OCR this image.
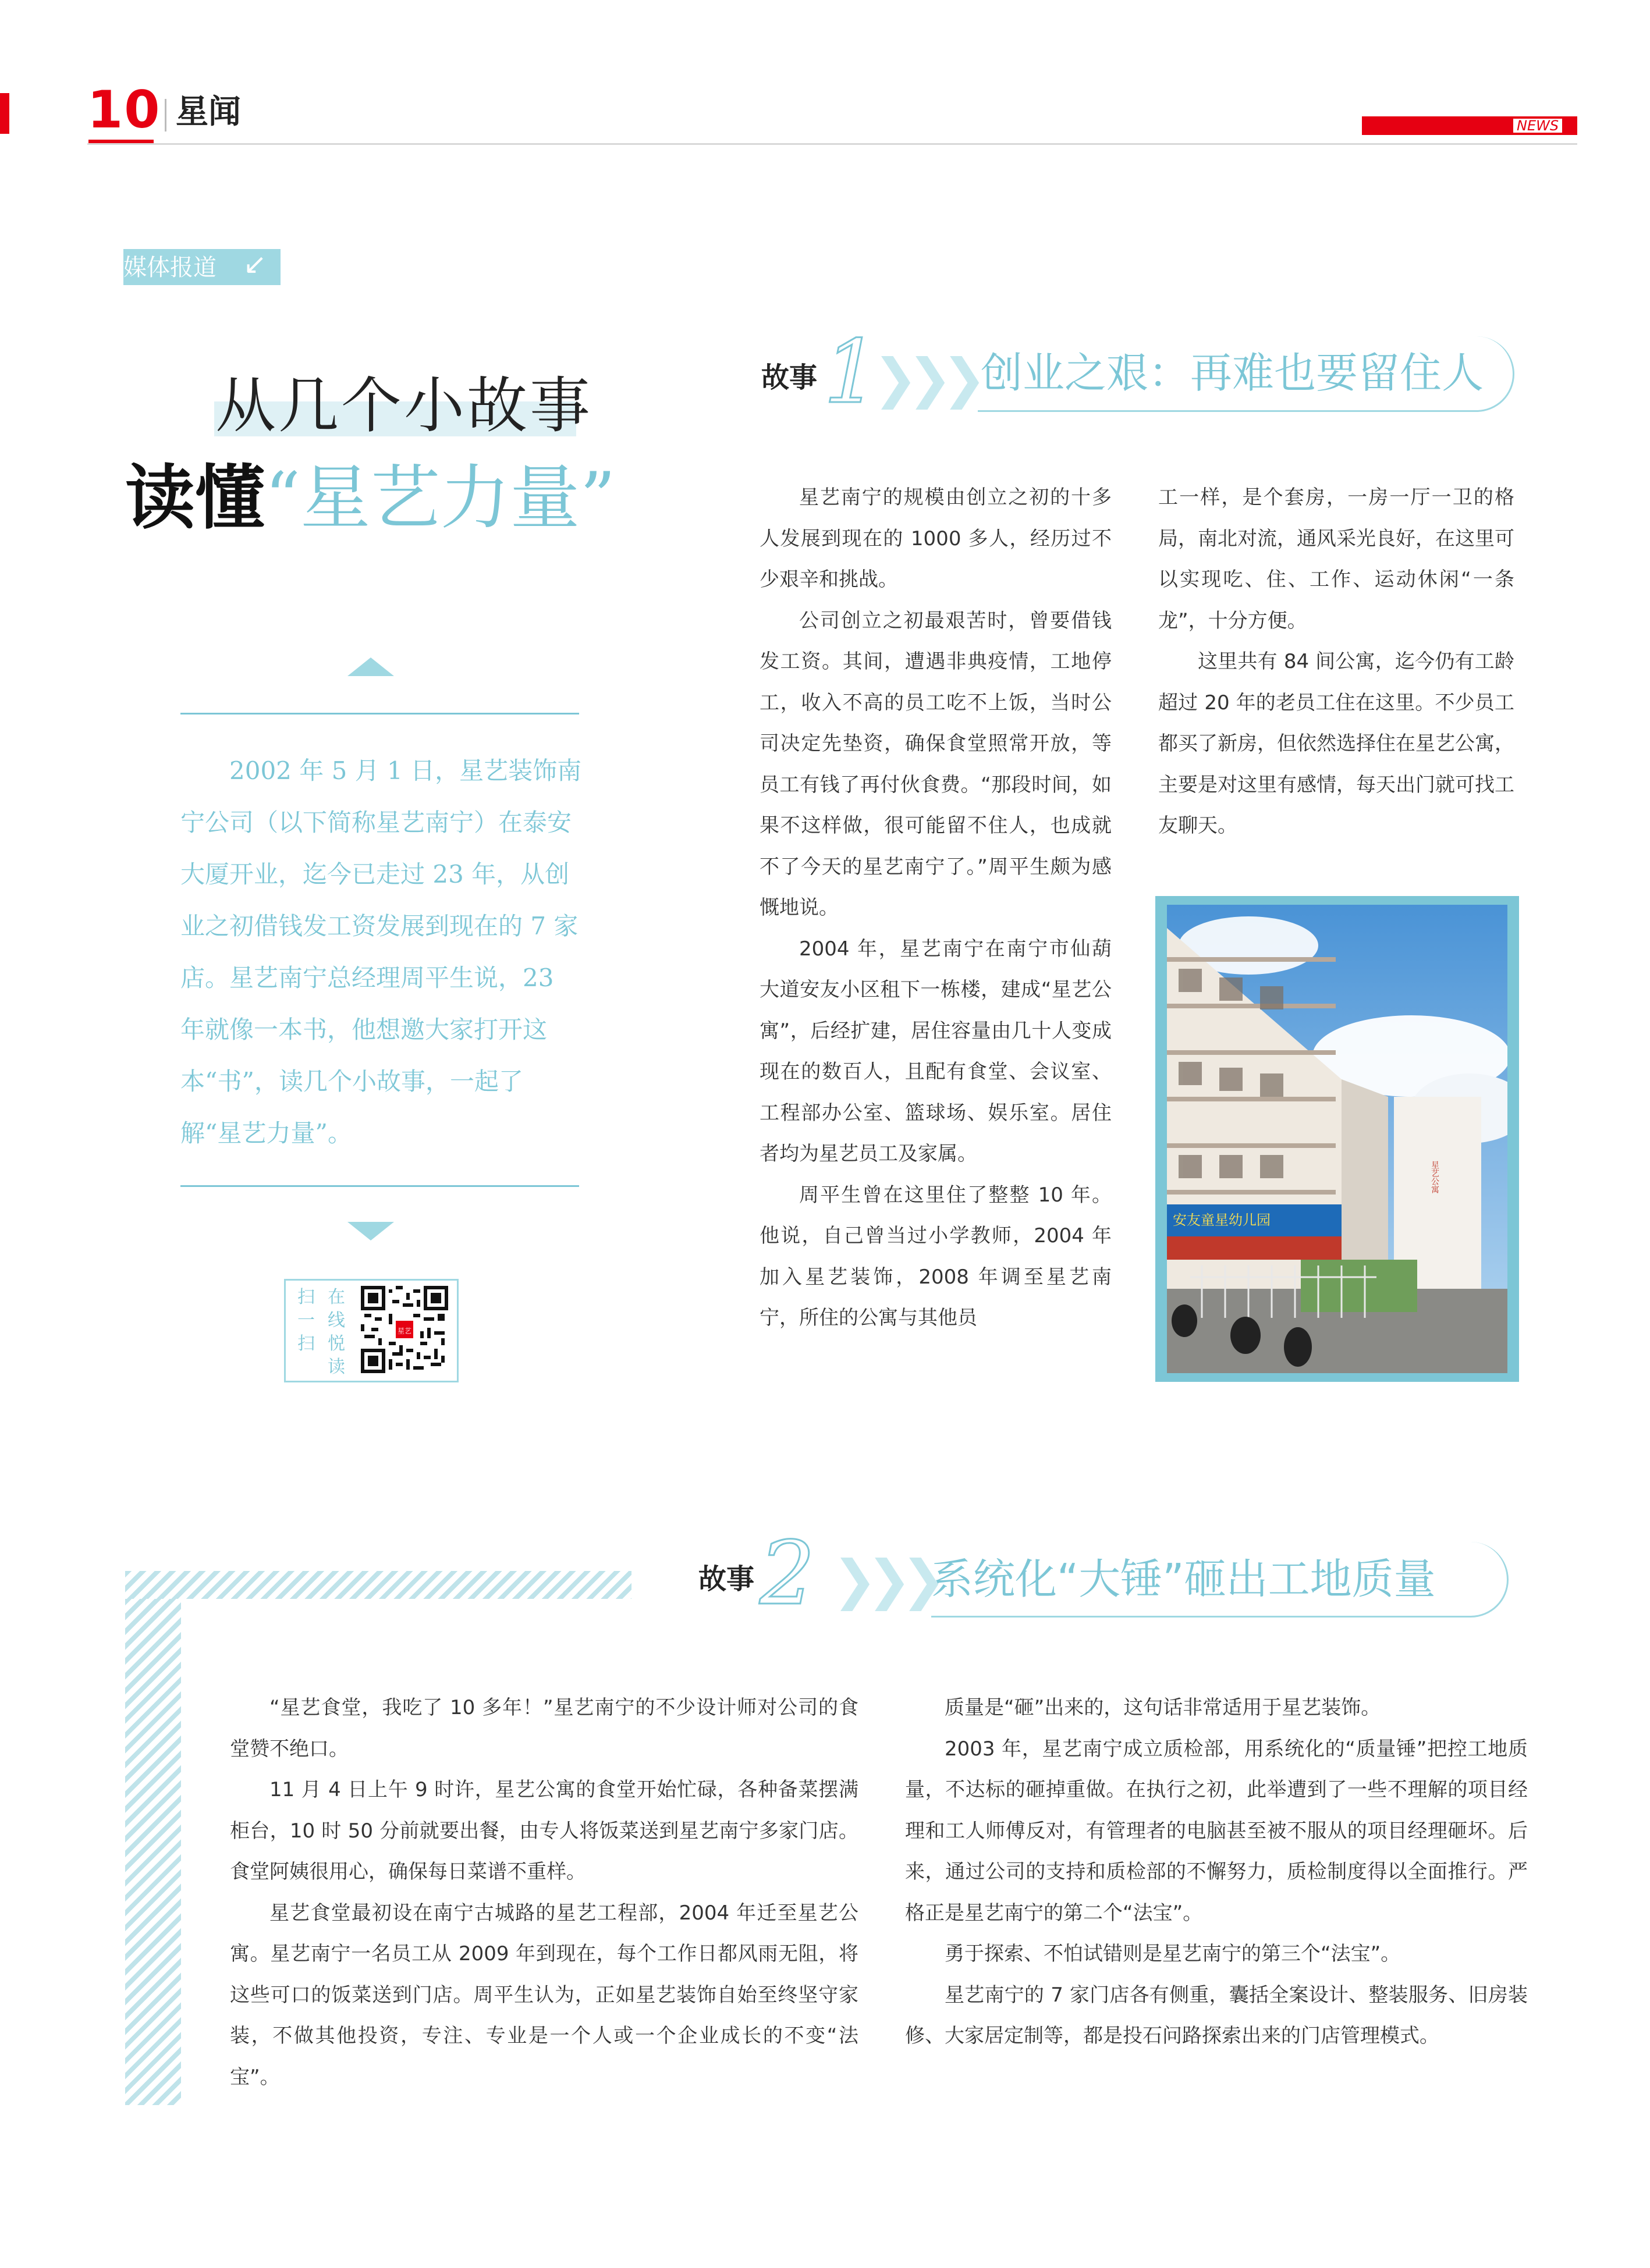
10 星闻	NEWS
媒体报道 ↙
从几个小故事
读懂“星艺力量”

2002 年 5 月 1 日，星艺装饰南宁公司（以下简称星艺南宁）在泰安大厦开业，迄今已走过 23 年，从创业之初借钱发工资发展到现在的 7 家店。星艺南宁总经理周平生说，23 年就像一本书，他想邀大家打开这本“书”，读几个小故事，一起了解“星艺力量”。

扫
一
扫
在
线
悦
读
星艺
故事 1
❯❯❯ 创业之艰：再难也要留住人

星艺南宁的规模由创立之初的十多人发展到现在的 1000 多人，经历过不少艰辛和挑战。

公司创立之初最艰苦时，曾要借钱发工资。其间，遭遇非典疫情，工地停工，收入不高的员工吃不上饭，当时公司决定先垫资，确保食堂照常开放，等员工有钱了再付伙食费。“那段时间，如果不这样做，很可能留不住人，也成就不了今天的星艺南宁了。”周平生颇为感慨地说。

2004 年，星艺南宁在南宁市仙葫大道安友小区租下一栋楼，建成“星艺公寓”，后经扩建，居住容量由几十人变成现在的数百人，且配有食堂、会议室、工程部办公室、篮球场、娱乐室。居住者均为星艺员工及家属。

周平生曾在这里住了整整 10 年。他说，自己曾当过小学教师，2004 年加入星艺装饰，2008 年调至星艺南宁，所住的公寓与其他员

工一样，是个套房，一房一厅一卫的格局，南北对流，通风采光良好，在这里可以实现吃、住、工作、运动休闲“一条龙”，十分方便。

这里共有 84 间公寓，迄今仍有工龄超过 20 年的老员工住在这里。不少员工都买了新房，但依然选择住在星艺公寓，主要是对这里有感情，每天出门就可找工友聊天。

星艺公寓
安友童星幼儿园
故事 2 ❯❯❯
系统化“大锤”砸出工地质量

“星艺食堂，我吃了 10 多年！”星艺南宁的不少设计师对公司的食堂赞不绝口。

11 月 4 日上午 9 时许，星艺公寓的食堂开始忙碌，各种备菜摆满柜台，10 时 50 分前就要出餐，由专人将饭菜送到星艺南宁多家门店。食堂阿姨很用心，确保每日菜谱不重样。

星艺食堂最初设在南宁古城路的星艺工程部，2004 年迁至星艺公寓。星艺南宁一名员工从 2009 年到现在，每个工作日都风雨无阻，将这些可口的饭菜送到门店。周平生认为，正如星艺装饰自始至终坚守家装，不做其他投资，专注、专业是一个人或一个企业成长的不变“法宝”。

质量是“砸”出来的，这句话非常适用于星艺装饰。

2003 年，星艺南宁成立质检部，用系统化的“质量锤”把控工地质量，不达标的砸掉重做。在执行之初，此举遭到了一些不理解的项目经理和工人师傅反对，有管理者的电脑甚至被不服从的项目经理砸坏。后来，通过公司的支持和质检部的不懈努力，质检制度得以全面推行。严格正是星艺南宁的第二个“法宝”。

勇于探索、不怕试错则是星艺南宁的第三个“法宝”。

星艺南宁的 7 家门店各有侧重，囊括全案设计、整装服务、旧房装修、大家居定制等，都是投石问路探索出来的门店管理模式。
